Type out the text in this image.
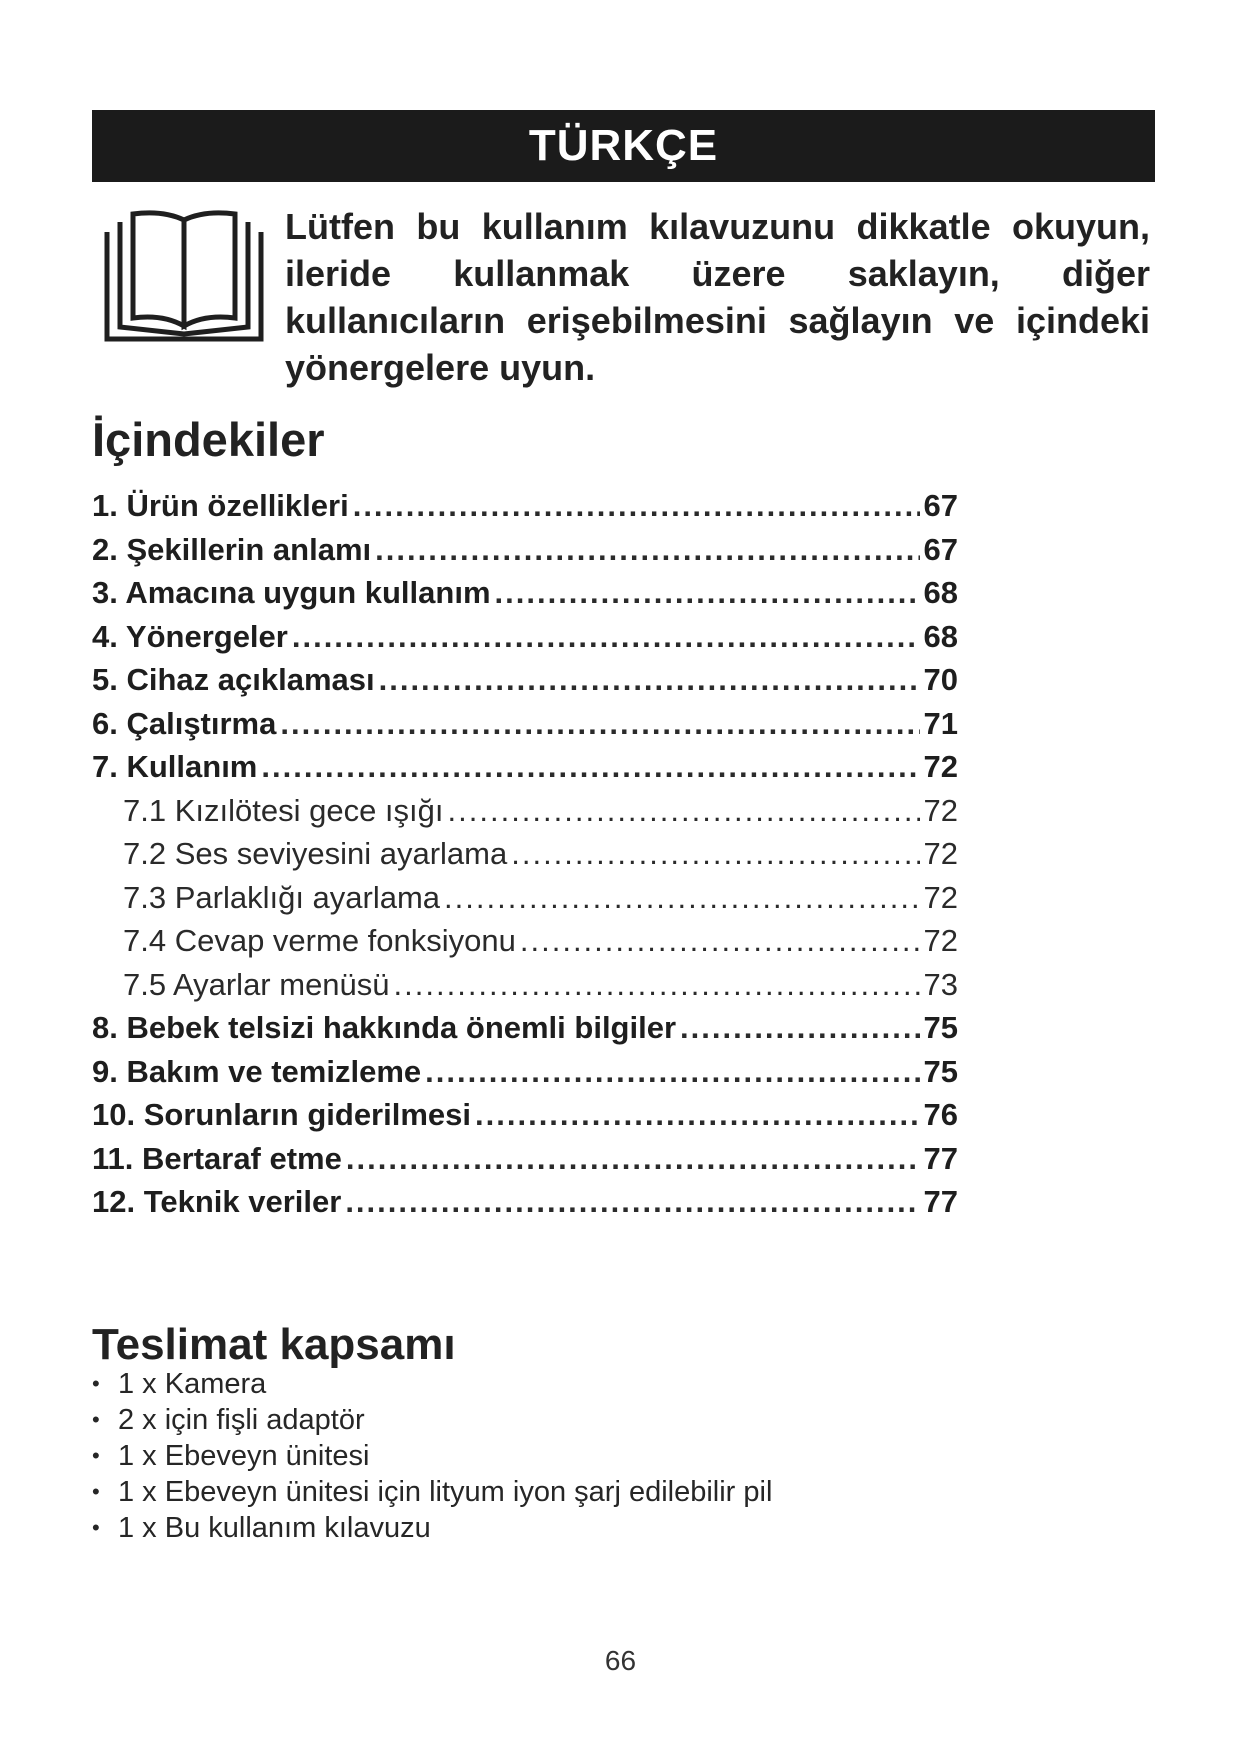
TÜRKÇE
Lütfen bu kullanım kılavuzunu dikkatle okuyun, ileride kullanmak üzere saklayın, diğer kullanıcıların erişebilmesini sağlayın ve içindeki yönergelere uyun.
İçindekiler
1. Ürün özellikleri .....	67
2. Şekillerin anlamı .....	67
3. Amacına uygun kullanım .....	68
4. Yönergeler .....	68
5. Cihaz açıklaması .....	70
6. Çalıştırma .....	71
7. Kullanım .....	72
7.1 Kızılötesi gece ışığı .....	72
7.2 Ses seviyesini ayarlama .....	72
7.3 Parlaklığı ayarlama .....	72
7.4 Cevap verme fonksiyonu .....	72
7.5 Ayarlar menüsü .....	73
8. Bebek telsizi hakkında önemli bilgiler .....	75
9. Bakım ve temizleme .....	75
10. Sorunların giderilmesi .....	76
11. Bertaraf etme .....	77
12. Teknik veriler .....	77
Teslimat kapsamı
• 1 x Kamera
• 2 x için fişli adaptör
• 1 x Ebeveyn ünitesi
• 1 x Ebeveyn ünitesi için lityum iyon şarj edilebilir pil
• 1 x Bu kullanım kılavuzu
66
